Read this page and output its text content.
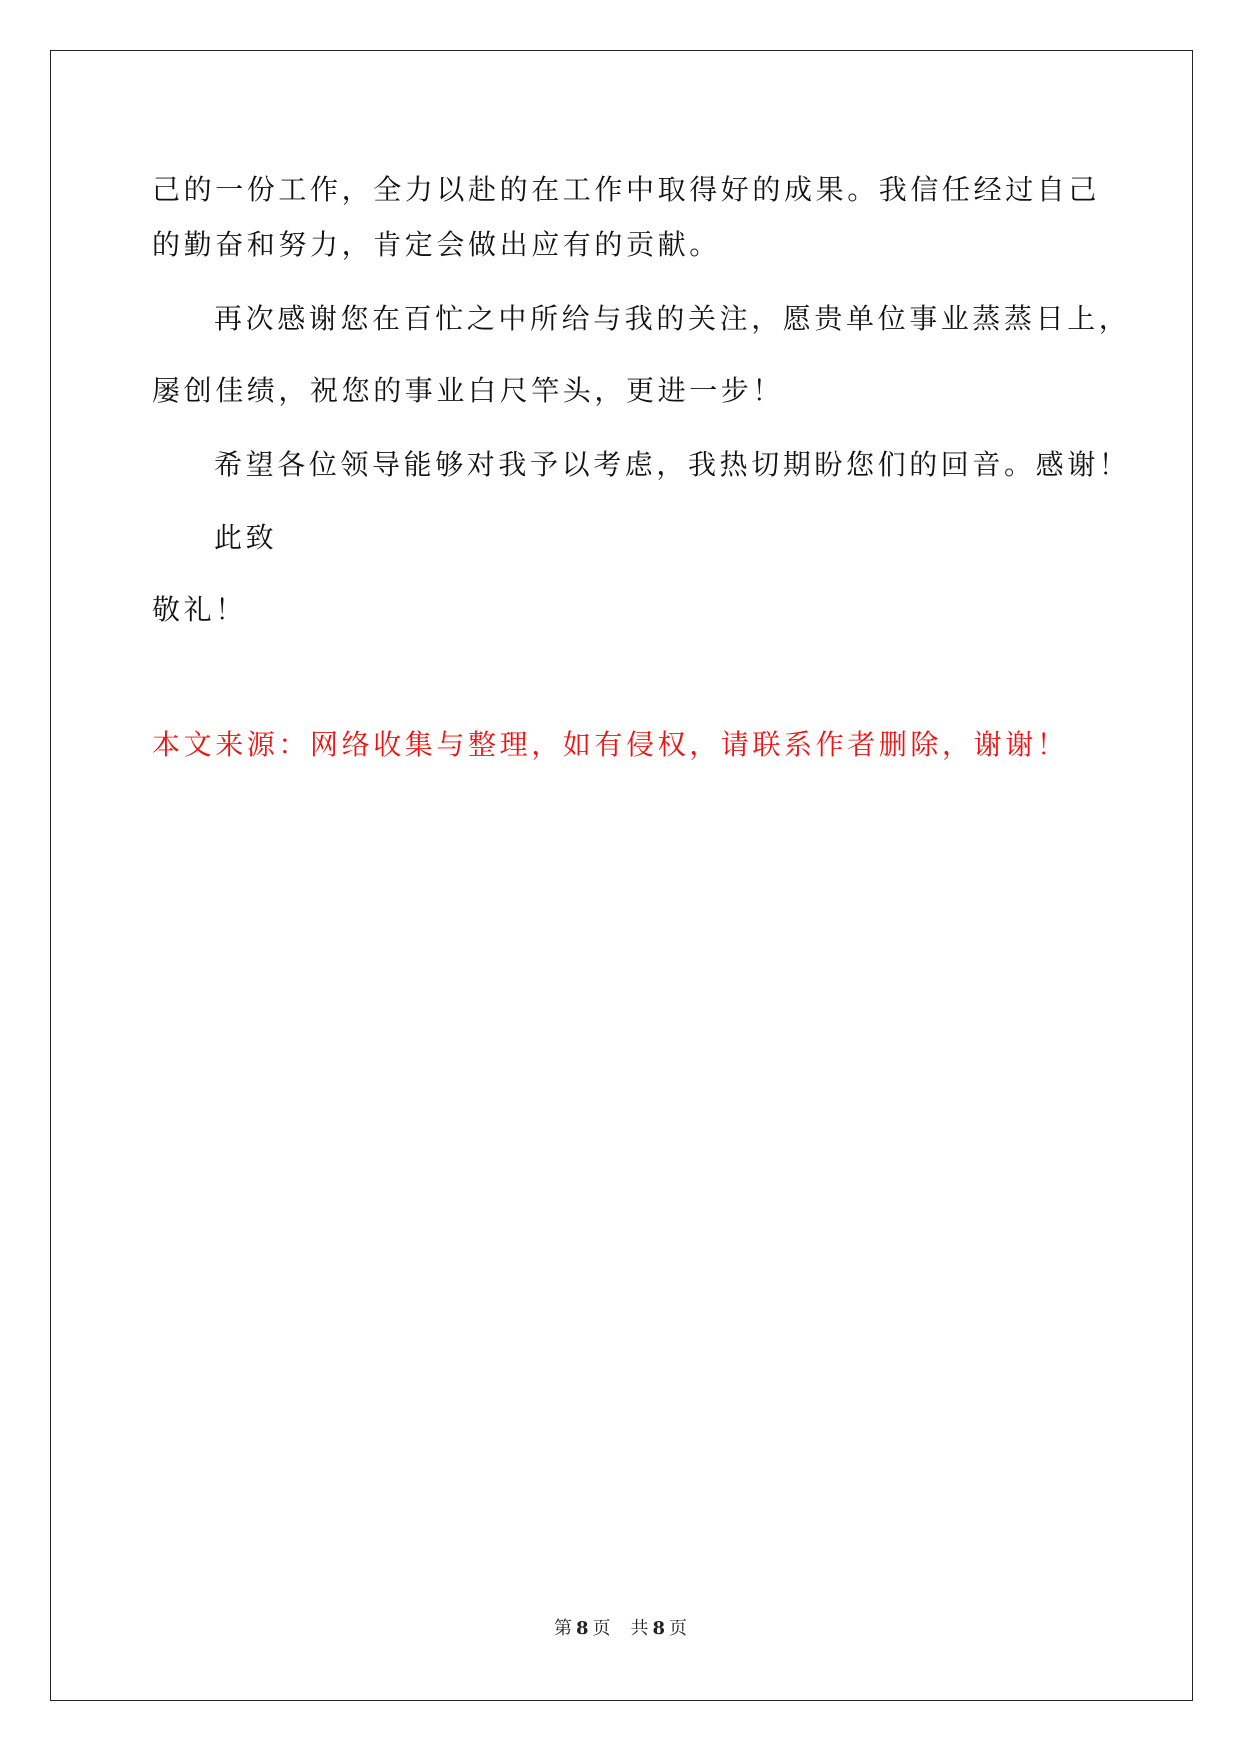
己的一份工作，全力以赴的在工作中取得好的成果。我信任经过自己
的勤奋和努力，肯定会做出应有的贡献。
再次感谢您在百忙之中所给与我的关注，愿贵单位事业蒸蒸日上，
屡创佳绩，祝您的事业白尺竿头，更进一步！
希望各位领导能够对我予以考虑，我热切期盼您们的回音。感谢！
此致
敬礼！
本文来源：网络收集与整理，如有侵权，请联系作者删除，谢谢！
第 8 页 共 8 页
